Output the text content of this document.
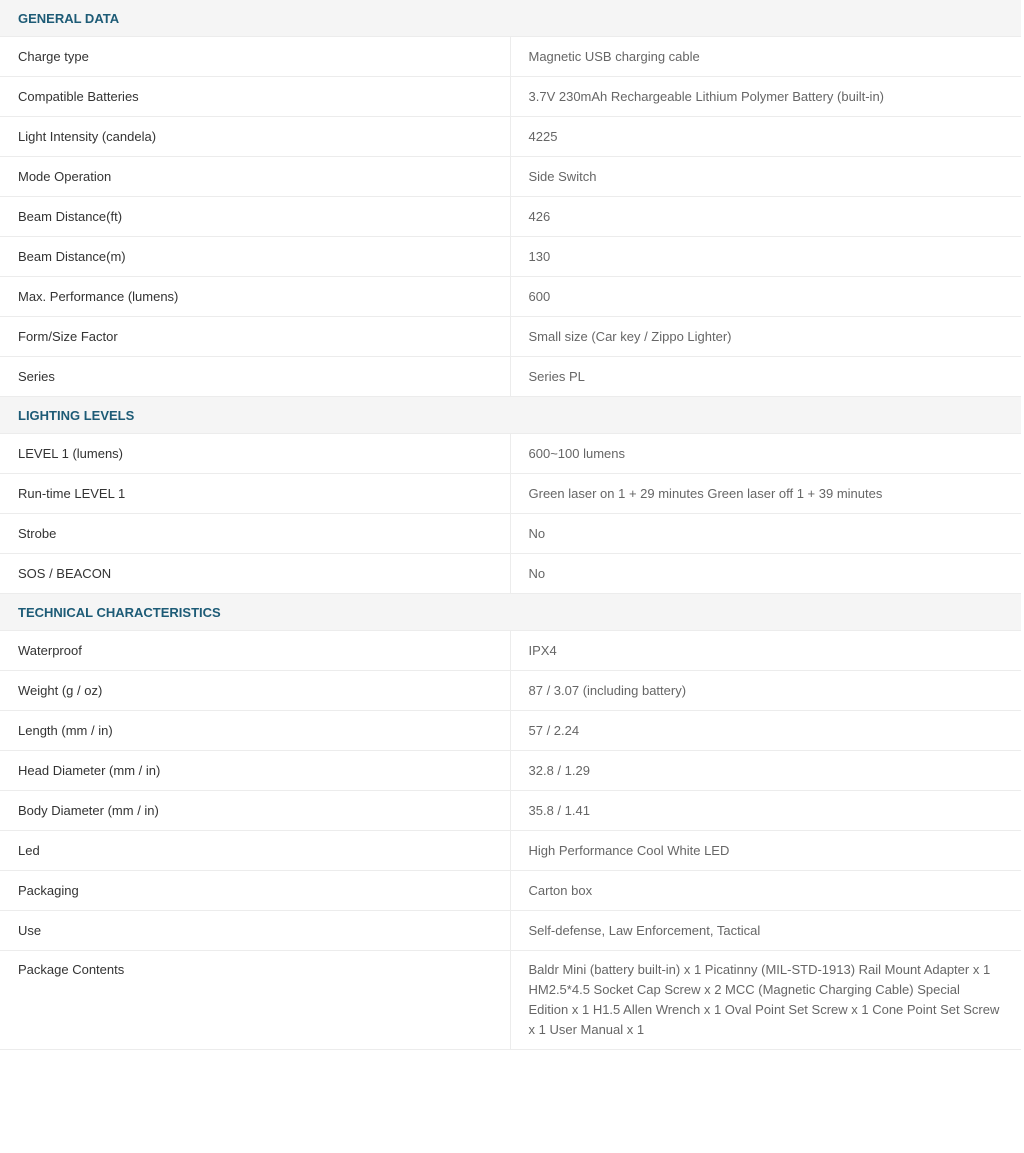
GENERAL DATA	
Charge type	Magnetic USB charging cable
Compatible Batteries	3.7V 230mAh Rechargeable Lithium Polymer Battery (built-in)
Light Intensity (candela)	4225
Mode Operation	Side Switch
Beam Distance(ft)	426
Beam Distance(m)	130
Max. Performance (lumens)	600
Form/Size Factor	Small size (Car key / Zippo Lighter)
Series	Series PL
LIGHTING LEVELS	
LEVEL 1 (lumens)	600~100 lumens
Run-time LEVEL 1	Green laser on 1 + 29 minutes Green laser off 1 + 39 minutes
Strobe	No
SOS / BEACON	No
TECHNICAL CHARACTERISTICS	
Waterproof	IPX4
Weight (g / oz)	87 / 3.07 (including battery)
Length (mm / in)	57 / 2.24
Head Diameter (mm / in)	32.8 / 1.29
Body Diameter (mm / in)	35.8 / 1.41
Led	High Performance Cool White LED
Packaging	Carton box
Use	Self-defense, Law Enforcement, Tactical
Package Contents	Baldr Mini (battery built-in) x 1 Picatinny (MIL-STD-1913) Rail Mount Adapter x 1 HM2.5*4.5 Socket Cap Screw x 2 MCC (Magnetic Charging Cable) Special Edition x 1 H1.5 Allen Wrench x 1 Oval Point Set Screw x 1 Cone Point Set Screw x 1 User Manual x 1
